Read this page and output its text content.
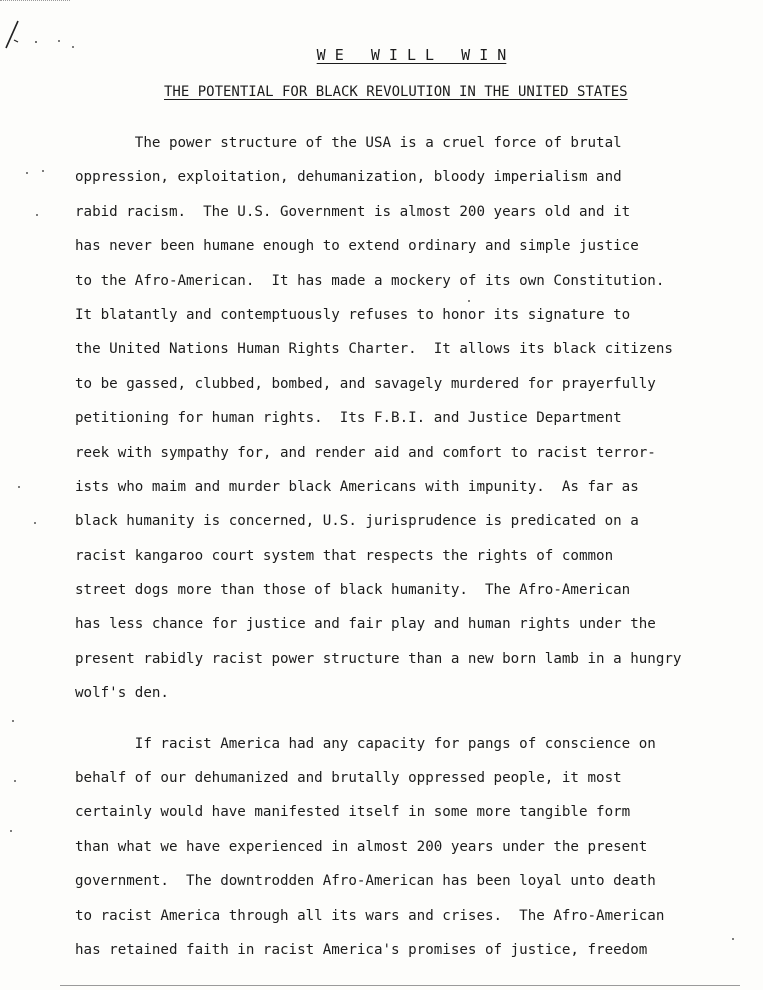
W E   W I L L   W I N
THE POTENTIAL FOR BLACK REVOLUTION IN THE UNITED STATES

The power structure of the USA is a cruel force of brutal

oppression, exploitation, dehumanization, bloody imperialism and

rabid racism.  The U.S. Government is almost 200 years old and it

has never been humane enough to extend ordinary and simple justice

to the Afro-American.  It has made a mockery of its own Constitution.

It blatantly and contemptuously refuses to honor its signature to

the United Nations Human Rights Charter.  It allows its black citizens

to be gassed, clubbed, bombed, and savagely murdered for prayerfully

petitioning for human rights.  Its F.B.I. and Justice Department

reek with sympathy for, and render aid and comfort to racist terror-

ists who maim and murder black Americans with impunity.  As far as

black humanity is concerned, U.S. jurisprudence is predicated on a

racist kangaroo court system that respects the rights of common

street dogs more than those of black humanity.  The Afro-American

has less chance for justice and fair play and human rights under the

present rabidly racist power structure than a new born lamb in a hungry

wolf's den.

If racist America had any capacity for pangs of conscience on

behalf of our dehumanized and brutally oppressed people, it most

certainly would have manifested itself in some more tangible form

than what we have experienced in almost 200 years under the present

government.  The downtrodden Afro-American has been loyal unto death

to racist America through all its wars and crises.  The Afro-American

has retained faith in racist America's promises of justice, freedom
